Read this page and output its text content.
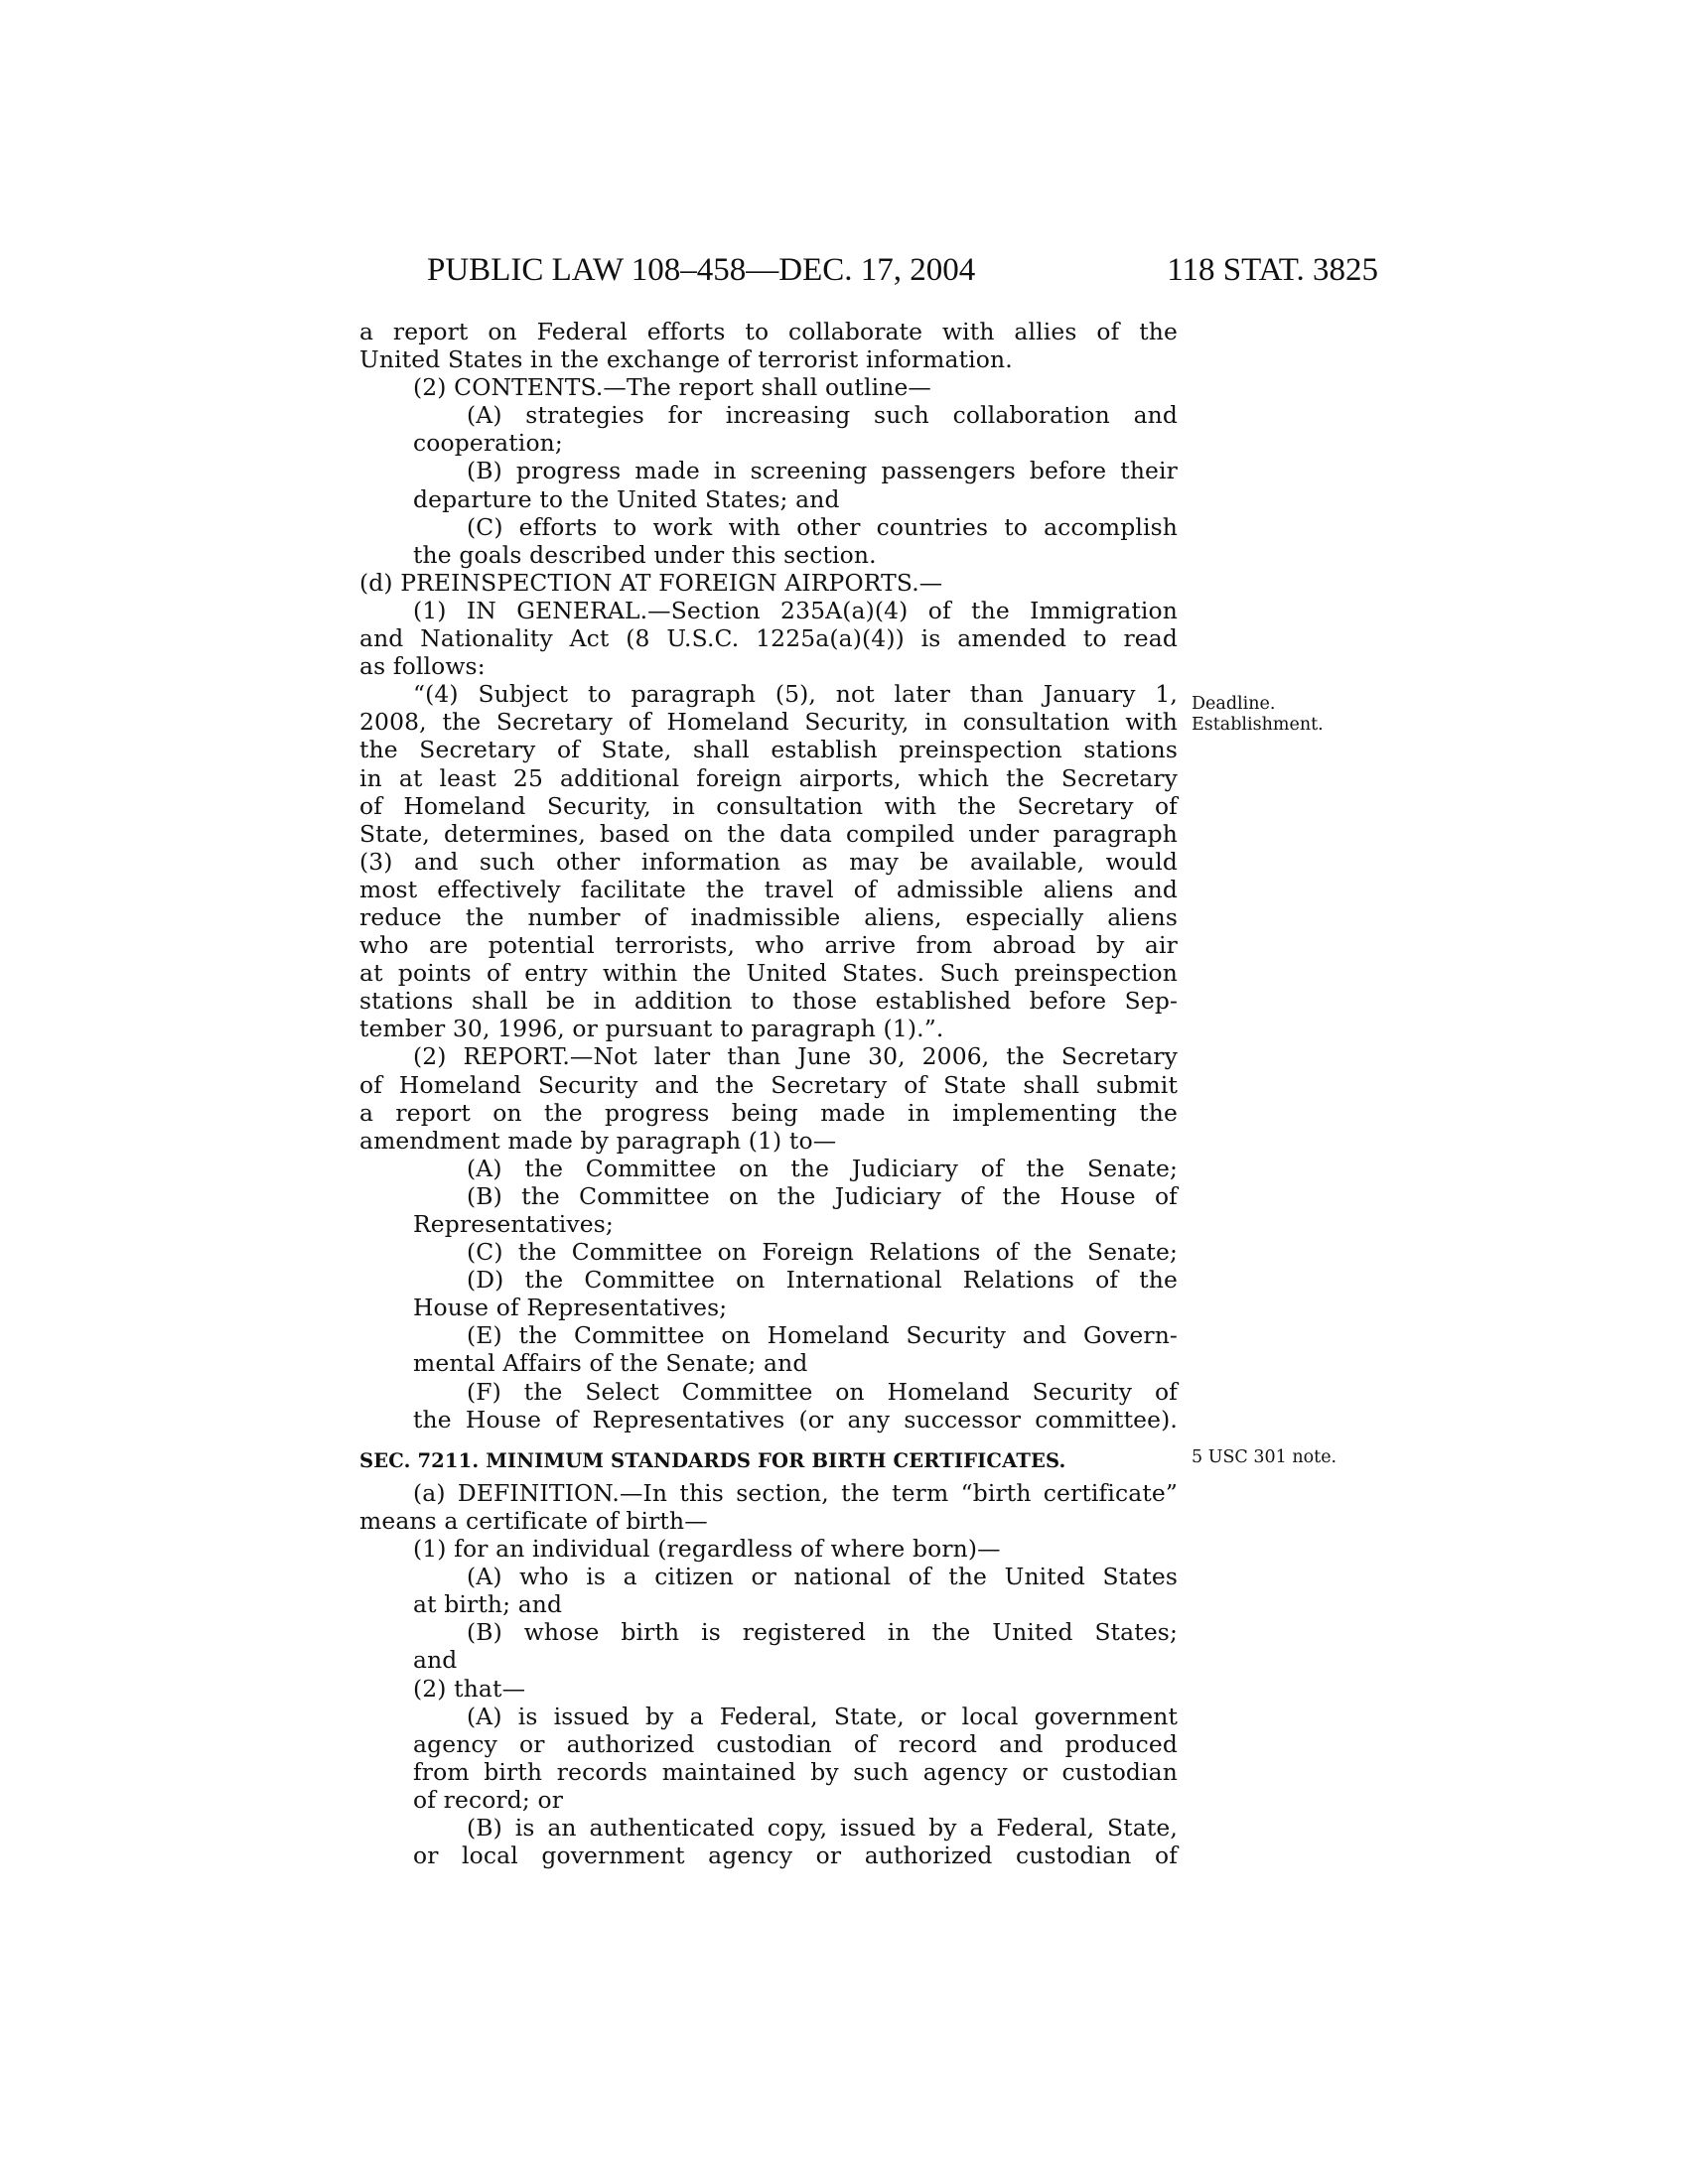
PUBLIC LAW 108–458—DEC. 17, 2004	118 STAT. 3825
Deadline.
Establishment.
5 USC 301 note.
a report on Federal efforts to collaborate with allies of the
United States in the exchange of terrorist information.
(2) CONTENTS.—The report shall outline—
(A) strategies for increasing such collaboration and
cooperation;
(B) progress made in screening passengers before their
departure to the United States; and
(C) efforts to work with other countries to accomplish
the goals described under this section.
(d) PREINSPECTION AT FOREIGN AIRPORTS.—
(1) IN GENERAL.—Section 235A(a)(4) of the Immigration
and Nationality Act (8 U.S.C. 1225a(a)(4)) is amended to read
as follows:
“(4) Subject to paragraph (5), not later than January 1,
2008, the Secretary of Homeland Security, in consultation with
the Secretary of State, shall establish preinspection stations
in at least 25 additional foreign airports, which the Secretary
of Homeland Security, in consultation with the Secretary of
State, determines, based on the data compiled under paragraph
(3) and such other information as may be available, would
most effectively facilitate the travel of admissible aliens and
reduce the number of inadmissible aliens, especially aliens
who are potential terrorists, who arrive from abroad by air
at points of entry within the United States. Such preinspection
stations shall be in addition to those established before Sep-
tember 30, 1996, or pursuant to paragraph (1).”.
(2) REPORT.—Not later than June 30, 2006, the Secretary
of Homeland Security and the Secretary of State shall submit
a report on the progress being made in implementing the
amendment made by paragraph (1) to—
(A) the Committee on the Judiciary of the Senate;
(B) the Committee on the Judiciary of the House of
Representatives;
(C) the Committee on Foreign Relations of the Senate;
(D) the Committee on International Relations of the
House of Representatives;
(E) the Committee on Homeland Security and Govern-
mental Affairs of the Senate; and
(F) the Select Committee on Homeland Security of
the House of Representatives (or any successor committee).
SEC. 7211. MINIMUM STANDARDS FOR BIRTH CERTIFICATES.
(a) DEFINITION.—In this section, the term “birth certificate”
means a certificate of birth—
(1) for an individual (regardless of where born)—
(A) who is a citizen or national of the United States
at birth; and
(B) whose birth is registered in the United States;
and
(2) that—
(A) is issued by a Federal, State, or local government
agency or authorized custodian of record and produced
from birth records maintained by such agency or custodian
of record; or
(B) is an authenticated copy, issued by a Federal, State,
or local government agency or authorized custodian of
